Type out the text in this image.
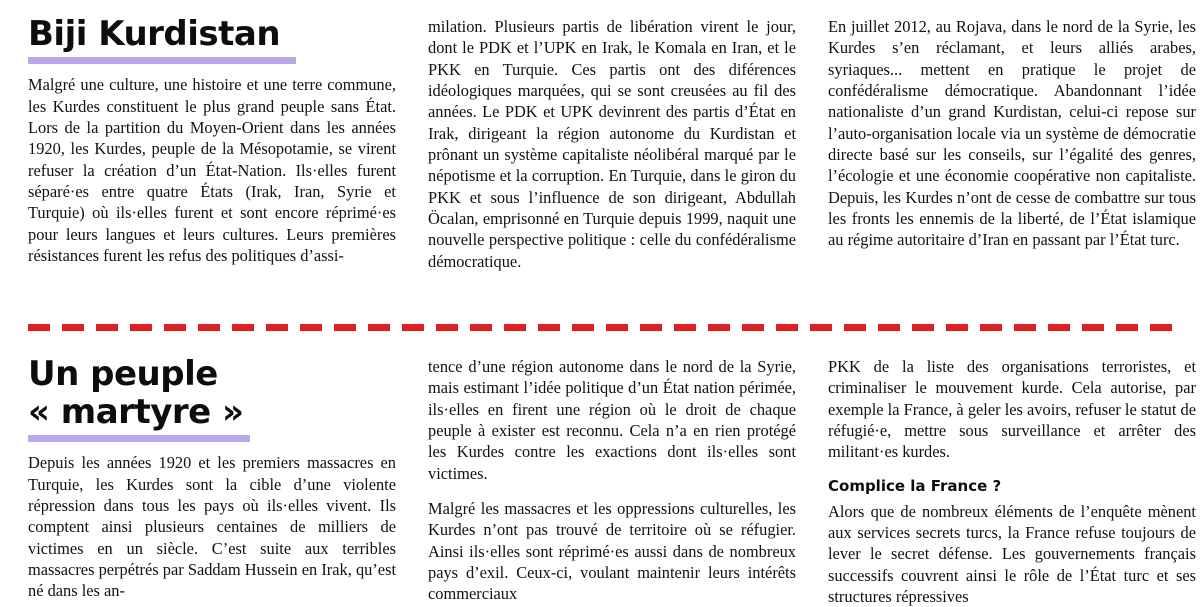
Biji Kurdistan

Malgré une culture, une histoire et une terre commune, les Kurdes constituent le plus grand peuple sans État. Lors de la partition du Moyen-Orient dans les années 1920, les Kurdes, peuple de la Mésopotamie, se virent refuser la création d’un État-Nation. Ils·elles furent séparé·es entre quatre États (Irak, Iran, Syrie et Turquie) où ils·elles furent et sont encore réprimé·es pour leurs langues et leurs cultures. Leurs premières résistances furent les refus des politiques d’assi-

milation. Plusieurs partis de libération virent le jour, dont le PDK et l’UPK en Irak, le Komala en Iran, et le PKK en Turquie. Ces partis ont des diférences idéologiques marquées, qui se sont creusées au fil des années. Le PDK et UPK devinrent des partis d’État en Irak, dirigeant la région autonome du Kurdistan et prônant un système capitaliste néolibéral marqué par le népotisme et la corruption. En Turquie, dans le giron du PKK et sous l’influence de son dirigeant, Abdullah Öcalan, emprisonné en Turquie depuis 1999, naquit une nouvelle perspective politique : celle du confédéralisme démocratique.

En juillet 2012, au Rojava, dans le nord de la Syrie, les Kurdes s’en réclamant, et leurs alliés arabes, syriaques... mettent en pratique le projet de confédéralisme démocratique. Abandonnant l’idée nationaliste d’un grand Kurdistan, celui-ci repose sur l’auto-organisation locale via un système de démocratie directe basé sur les conseils, sur l’égalité des genres, l’écologie et une économie coopérative non capitaliste. Depuis, les Kurdes n’ont de cesse de combattre sur tous les fronts les ennemis de la liberté, de l’État islamique au régime autoritaire d’Iran en passant par l’État turc.

Un peuple
« martyre »

Depuis les années 1920 et les premiers massacres en Turquie, les Kurdes sont la cible d’une violente répression dans tous les pays où ils·elles vivent. Ils comptent ainsi plusieurs centaines de milliers de victimes en un siècle. C’est suite aux terribles massacres perpétrés par Saddam Hussein en Irak, qu’est né dans les an-

tence d’une région autonome dans le nord de la Syrie, mais estimant l’idée politique d’un État nation périmée, ils·elles en firent une région où le droit de chaque peuple à exister est reconnu. Cela n’a en rien protégé les Kurdes contre les exactions dont ils·elles sont victimes.

Malgré les massacres et les oppressions culturelles, les Kurdes n’ont pas trouvé de territoire où se réfugier. Ainsi ils·elles sont réprimé·es aussi dans de nombreux pays d’exil. Ceux-ci, voulant maintenir leurs intérêts commerciaux

PKK de la liste des organisations terroristes, et criminaliser le mouvement kurde. Cela autorise, par exemple la France, à geler les avoirs, refuser le statut de réfugié·e, mettre sous surveillance et arrêter des militant·es kurdes.

Complice la France ?

Alors que de nombreux éléments de l’enquête mènent aux services secrets turcs, la France refuse toujours de lever le secret défense. Les gouvernements français successifs couvrent ainsi le rôle de l’État turc et ses structures répressives
